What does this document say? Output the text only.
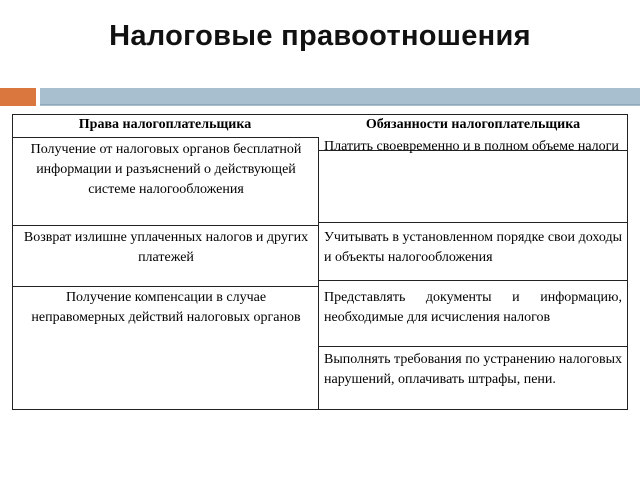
Налоговые правоотношения
Права налогоплательщика	Обязанности налогоплательщика
Получение от налоговых органов бесплатной информации и разъяснений о действующей системе налогообложения
Возврат излишне уплаченных налогов и других платежей
Получение компенсации в случае неправомерных действий налоговых органов
Платить своевременно и в полном объеме налоги
Учитывать в установленном порядке свои доходы и объекты налогообложения
Представлять документы и информацию, необходимые для исчисления налогов
Выполнять требования по устранению налоговых нарушений, оплачивать штрафы, пени.
